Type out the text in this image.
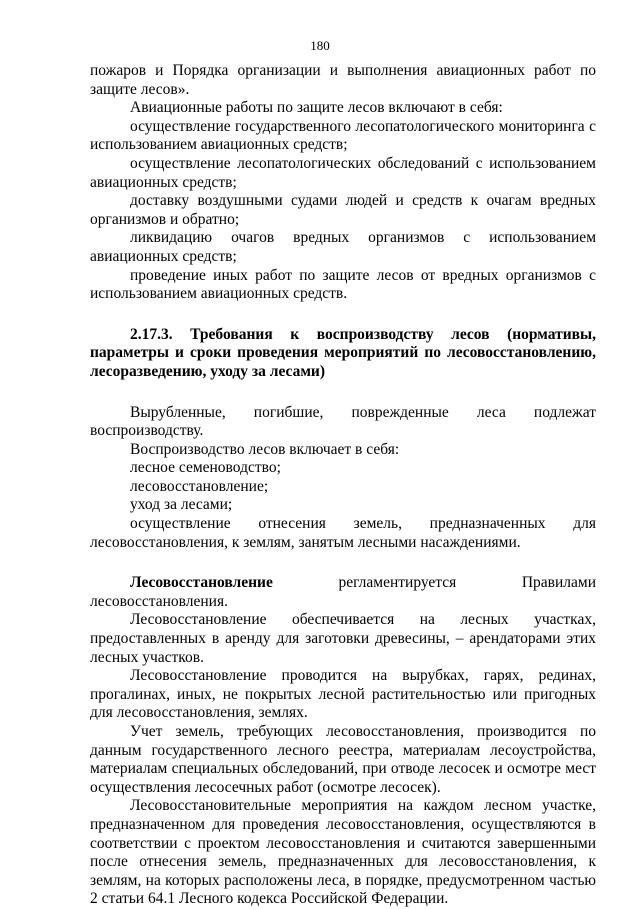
180

пожаров и Порядка организации и выполнения авиационных работ по защите лесов».

Авиационные работы по защите лесов включают в себя:

осуществление государственного лесопатологического мониторинга с использованием авиационных средств;

осуществление лесопатологических обследований с использованием авиационных средств;

доставку воздушными судами людей и средств к очагам вредных организмов и обратно;

ликвидацию очагов вредных организмов с использованием авиационных средств;

проведение иных работ по защите лесов от вредных организмов с использованием авиационных средств.

2.17.3. Требования к воспроизводству лесов (нормативы, параметры и сроки проведения мероприятий по лесовосстановлению, лесоразведению, уходу за лесами)

Вырубленные, погибшие, поврежденные леса подлежат воспроизводству.

Воспроизводство лесов включает в себя:

лесное семеноводство;

лесовосстановление;

уход за лесами;

осуществление отнесения земель, предназначенных для лесовосстановления, к землям, занятым лесными насаждениями.

Лесовосстановление регламентируется Правилами лесовосстановления.

Лесовосстановление обеспечивается на лесных участках, предоставленных в аренду для заготовки древесины, – арендаторами этих лесных участков.

Лесовосстановление проводится на вырубках, гарях, рединах, прогалинах, иных, не покрытых лесной растительностью или пригодных для лесовосстановления, землях.

Учет земель, требующих лесовосстановления, производится по данным государственного лесного реестра, материалам лесоустройства, материалам специальных обследований, при отводе лесосек и осмотре мест осуществления лесосечных работ (осмотре лесосек).

Лесовосстановительные мероприятия на каждом лесном участке, предназначенном для проведения лесовосстановления, осуществляются в соответствии с проектом лесовосстановления и считаются завершенными после отнесения земель, предназначенных для лесовосстановления, к землям, на которых расположены леса, в порядке, предусмотренном частью 2 статьи 64.1 Лесного кодекса Российской Федерации.
